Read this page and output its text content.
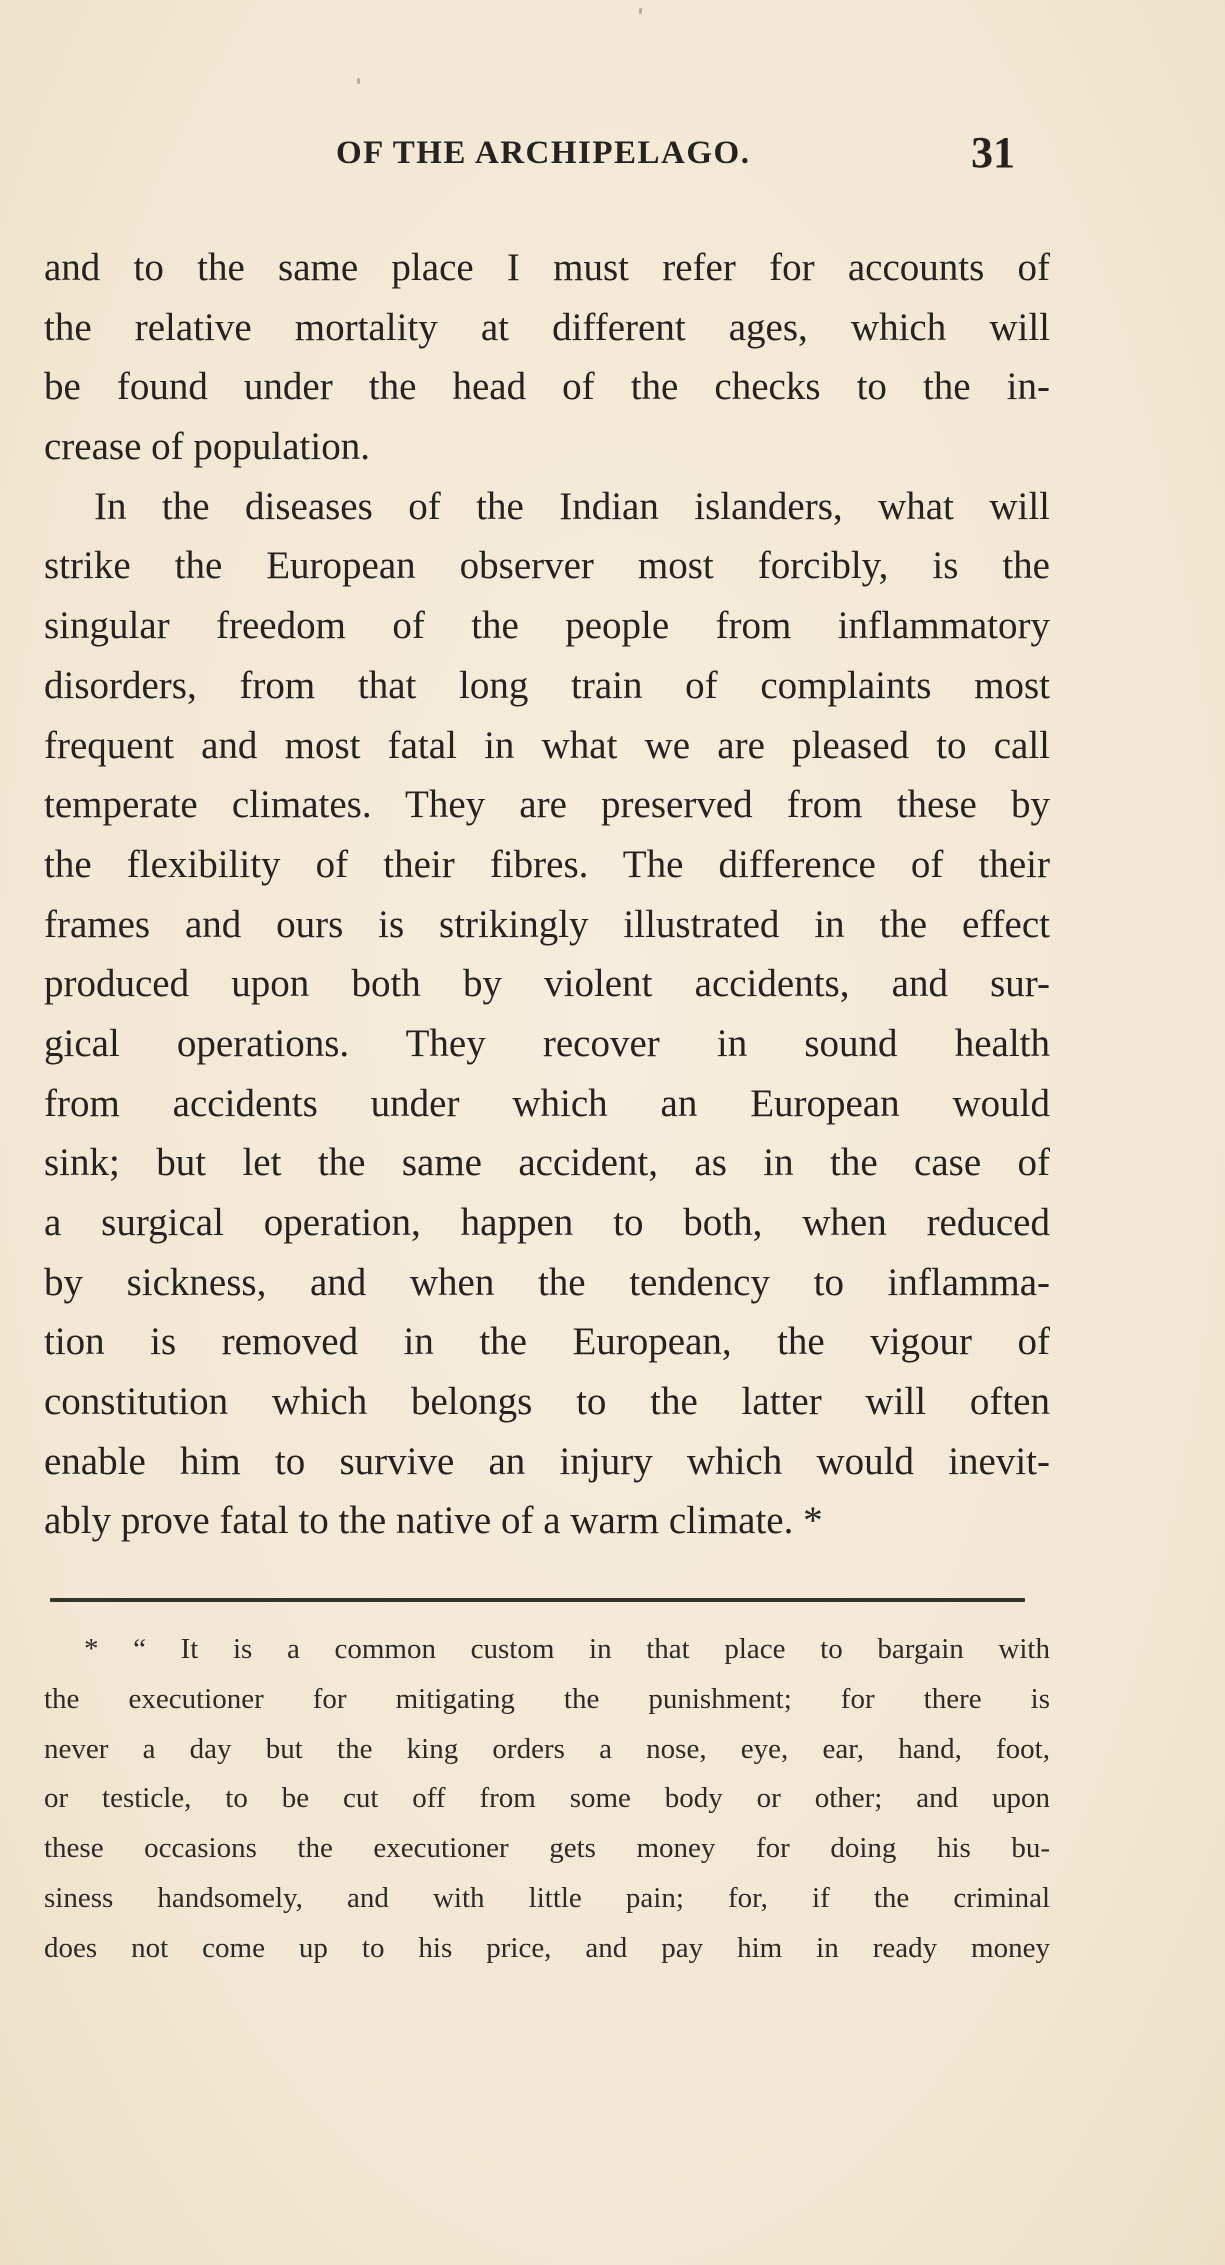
OF THE ARCHIPELAGO.	31
and to the same place I must refer for accounts of
the relative mortality at different ages, which will
be found under the head of the checks to the in-
crease of population.
In the diseases of the Indian islanders, what will
strike the European observer most forcibly, is the
singular freedom of the people from inflammatory
disorders, from that long train of complaints most
frequent and most fatal in what we are pleased to call
temperate climates. They are preserved from these by
the flexibility of their fibres. The difference of their
frames and ours is strikingly illustrated in the effect
produced upon both by violent accidents, and sur-
gical operations. They recover in sound health
from accidents under which an European would
sink; but let the same accident, as in the case of
a surgical operation, happen to both, when reduced
by sickness, and when the tendency to inflamma-
tion is removed in the European, the vigour of
constitution which belongs to the latter will often
enable him to survive an injury which would inevit-
ably prove fatal to the native of a warm climate. *
* “ It is a common custom in that place to bargain with
the executioner for mitigating the punishment; for there is
never a day but the king orders a nose, eye, ear, hand, foot,
or testicle, to be cut off from some body or other; and upon
these occasions the executioner gets money for doing his bu-
siness handsomely, and with little pain; for, if the criminal
does not come up to his price, and pay him in ready money
